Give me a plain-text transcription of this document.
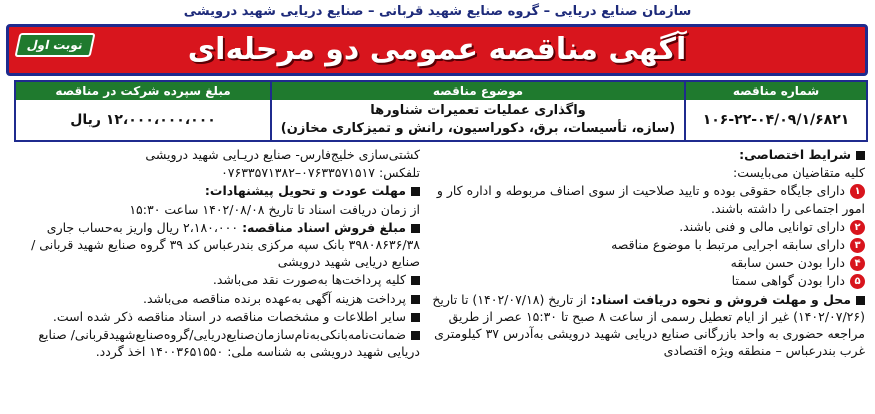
سازمان صنایع دریایی – گروه صنایع شهید قربانی – صنایع دریایی شهید درویشی
آگهی مناقصه عمومی دو مرحله‌ای
نوبت اول
شماره مناقصه
۱۰۶-۲۲-۰۴/۰۹/۱/۶۸۲۱
موضوع مناقصه
واگذاری عملیات تعمیرات شناورها
(سازه، تأسیسات، برق، دکوراسیون، رانش و تمیزکاری مخازن)
مبلغ سپرده شرکت در مناقصه
۱۲،۰۰۰،۰۰۰،۰۰۰ ریال

شرایط اختصاصی:

کلیه متقاضیان می‌بایست:

۱دارای جایگاه حقوقی بوده و تایید صلاحیت از سوی اصناف مربوطه و اداره کار و امور اجتماعی را داشته باشند.

۲دارای توانایی مالی و فنی باشند.

۳دارای سابقه اجرایی مرتبط با موضوع مناقصه

۴دارا بودن حسن سابقه

۵دارا بودن گواهی سمتا

محل و مهلت فروش و نحوه دریافت اسناد: از تاریخ (۱۴۰۲/۰۷/۱۸) تا تاریخ (۱۴۰۲/۰۷/۲۶) غیر از ایام تعطیل رسمی از ساعت ۸ صبح تا ۱۵:۳۰ عصر از طریق مراجعه حضوری به واحد بازرگانی صنایع دریایی شهید درویشی به‌آدرس ۳۷ کیلومتری غرب بندرعباس – منطقه ویژه اقتصادی

کشتی‌سازی خلیج‌فارس- صنایع دریـایی شهید درویشی

تلفکس: ۰۷۶۳۳۵۷۱۵۱۷–۰۷۶۳۳۵۷۱۳۸۲

مهلت عودت و تحویل پیشنهادات:

از زمان دریافت اسناد تا تاریخ ۱۴۰۲/۰۸/۰۸ ساعت ۱۵:۳۰

مبلغ فروش اسناد مناقصه: ۲،۱۸۰،۰۰۰ ریال واریز به‌حساب جاری ۳۹۸۰۸۶۳۶/۳۸ بانک سپه مرکزی بندرعباس کد ۳۹ گروه صنایع شهید قربانی / صنایع دریایی شهید درویشی

کلیه پرداخت‌ها به‌صورت نقد می‌باشد.

پرداخت هزینه آگهی به‌عهده برنده مناقصه می‌باشد.

سایر اطلاعات و مشخصات مناقصه در اسناد مناقصه ذکر شده است.

ضمانت‌نامه‌بانکی‌به‌نام‌سازمان‌صنایع‌دریایی/گروه‌صنایع‌شهیدقربانی/ صنایع دریایی شهید درویشی به شناسه ملی: ۱۴۰۰۳۶۵۱۵۵۰ اخذ گردد.
